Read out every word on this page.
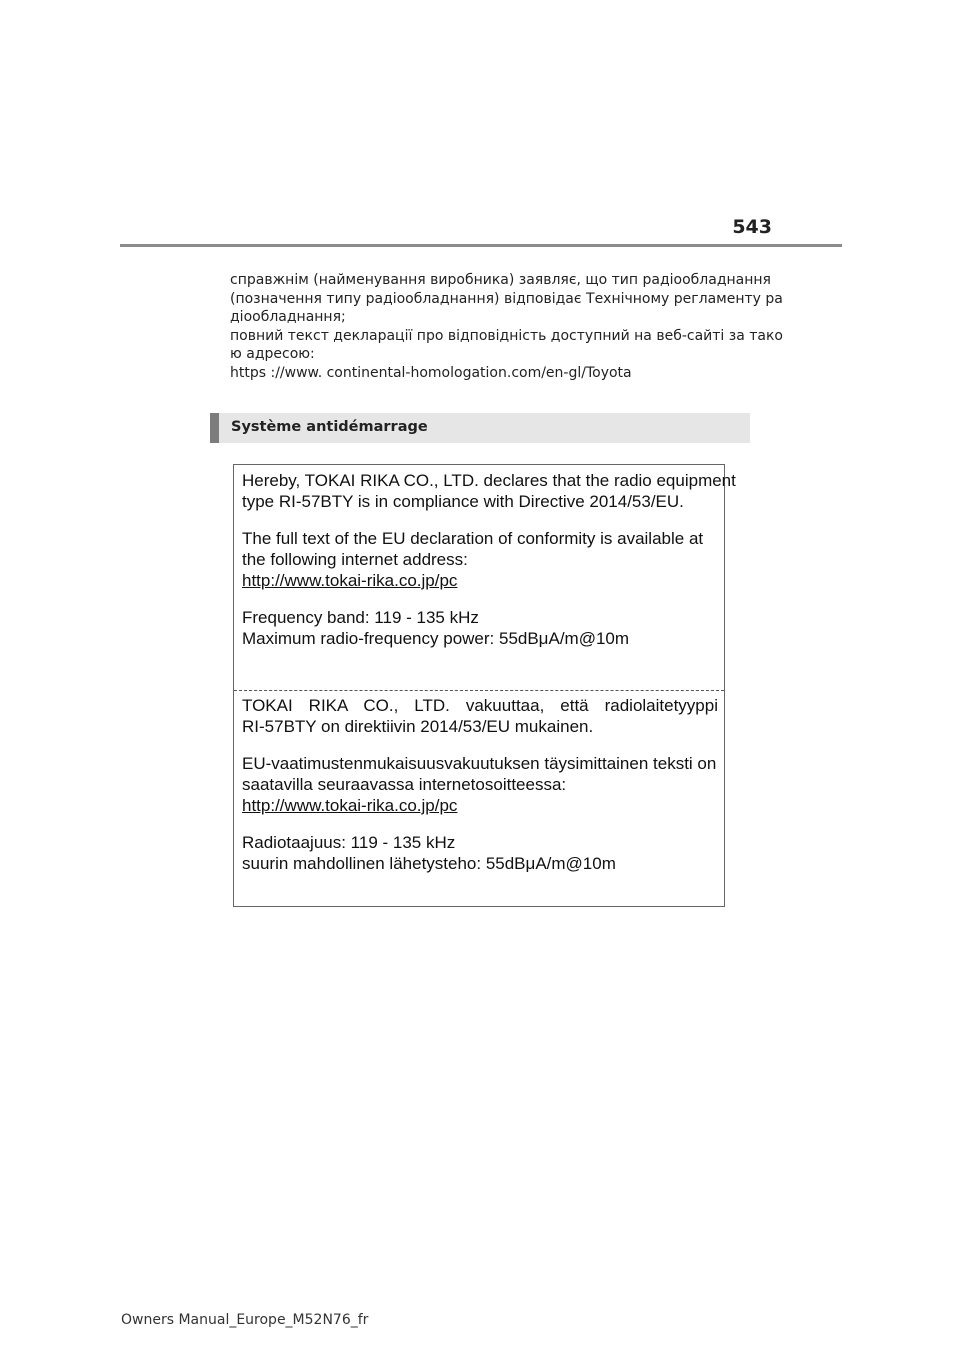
543
справжнім (найменування виробника) заявляє, що тип радіообладнання
(позначення типу радіообладнання) відповідає Технічному регламенту ра
діообладнання;
повний текст декларації про відповідність доступний на веб-сайті за тако
ю адресою:
https ://www. continental-homologation.com/en-gl/Toyota
Système antidémarrage
Hereby, TOKAI RIKA CO., LTD. declares that the radio equipment
type RI-57BTY is in compliance with Directive 2014/53/EU.
The full text of the EU declaration of conformity is available at
the following internet address:
http://www.tokai-rika.co.jp/pc
Frequency band: 119 - 135 kHz
Maximum radio-frequency power: 55dBμA/m@10m
TOKAI RIKA CO., LTD. vakuuttaa, että radiolaitetyyppi
RI-57BTY on direktiivin 2014/53/EU mukainen.
EU-vaatimustenmukaisuusvakuutuksen täysimittainen teksti on
saatavilla seuraavassa internetosoitteessa:
http://www.tokai-rika.co.jp/pc
Radiotaajuus: 119 - 135 kHz
suurin mahdollinen lähetysteho: 55dBμA/m@10m
Owners Manual_Europe_M52N76_fr
